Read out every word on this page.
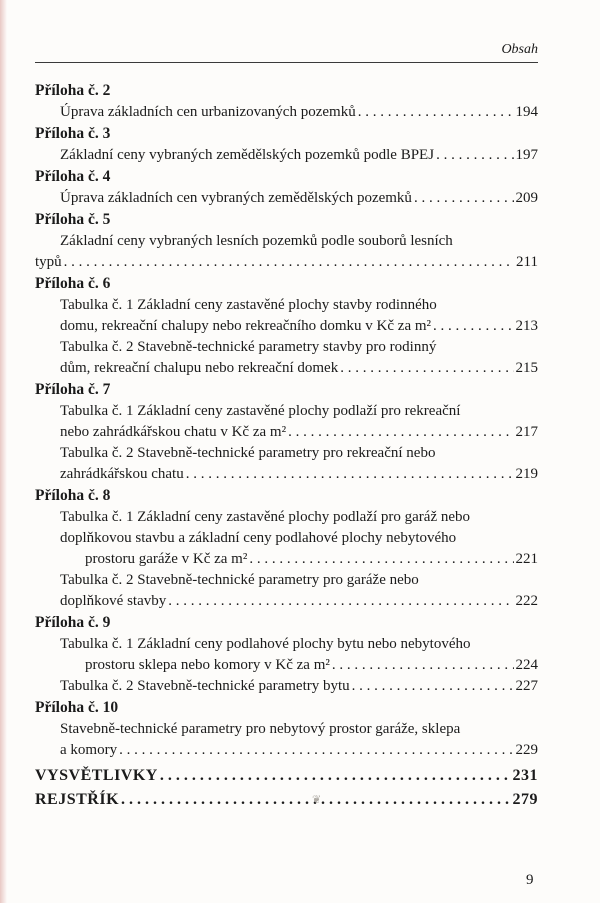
Obsah
Příloha č. 2
Úprava základních cen urbanizovaných pozemků . . .	194
Příloha č. 3
Základní ceny vybraných zemědělských pozemků podle BPEJ . . .	197
Příloha č. 4
Úprava základních cen vybraných zemědělských pozemků . . .	209
Příloha č. 5
Základní ceny vybraných lesních pozemků podle souborů lesních
typů . . .	211
Příloha č. 6
Tabulka č. 1 Základní ceny zastavěné plochy stavby rodinného
domu, rekreační chalupy nebo rekreačního domku v Kč za m² . . .	213
Tabulka č. 2 Stavebně-technické parametry stavby pro rodinný
dům, rekreační chalupu nebo rekreační domek . . .	215
Příloha č. 7
Tabulka č. 1 Základní ceny zastavěné plochy podlaží pro rekreační
nebo zahrádkářskou chatu v Kč za m² . . .	217
Tabulka č. 2 Stavebně-technické parametry pro rekreační nebo
zahrádkářskou chatu . . .	219
Příloha č. 8
Tabulka č. 1 Základní ceny zastavěné plochy podlaží pro garáž nebo
doplňkovou stavbu a základní ceny podlahové plochy nebytového
prostoru garáže v Kč za m² . . .	221
Tabulka č. 2 Stavebně-technické parametry pro garáže nebo
doplňkové stavby . . .	222
Příloha č. 9
Tabulka č. 1 Základní ceny podlahové plochy bytu nebo nebytového
prostoru sklepa nebo komory v Kč za m² . . .	224
Tabulka č. 2 Stavebně-technické parametry bytu . . .	227
Příloha č. 10
Stavebně-technické parametry pro nebytový prostor garáže, sklepa
a komory . . .	229
VYSVĚTLIVKY . . .	231
REJSTŘÍK . . .	279
❦
9
